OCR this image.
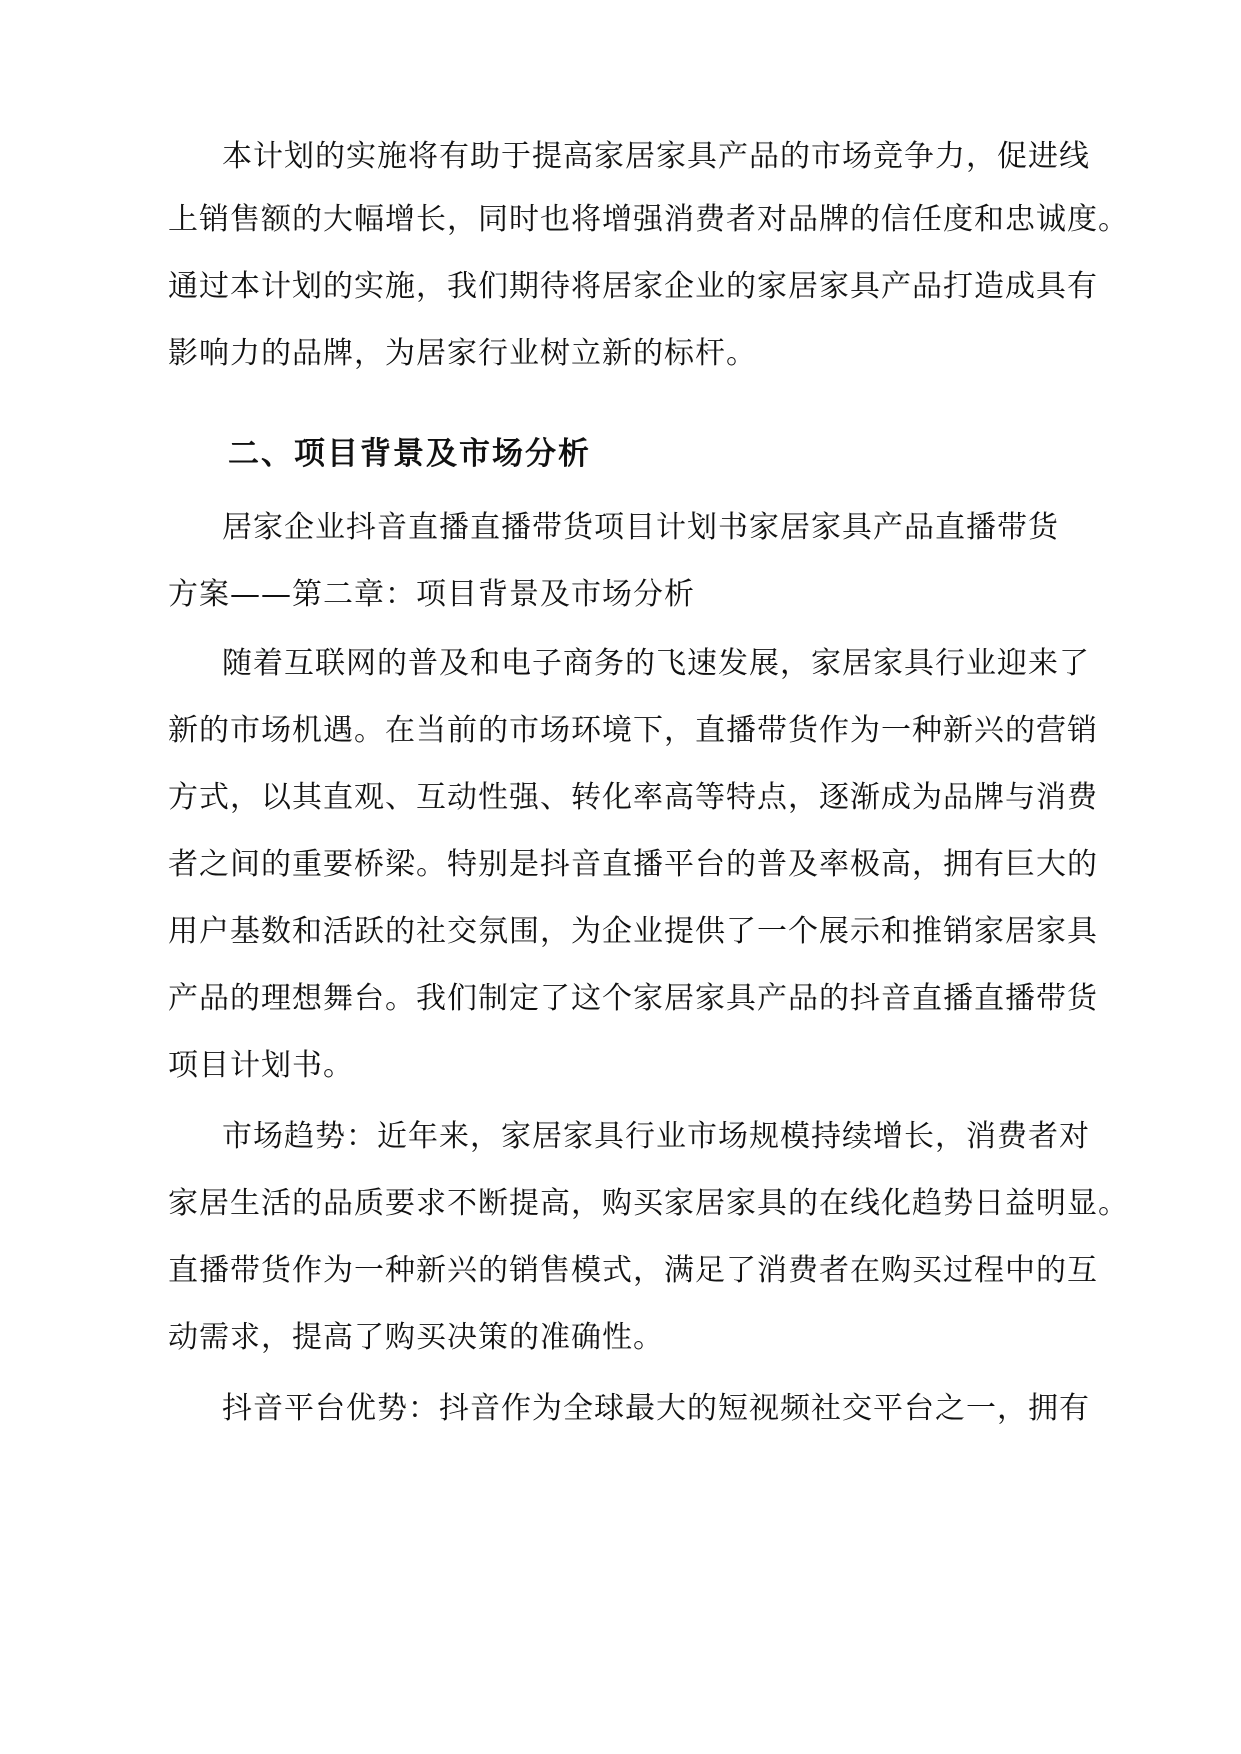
本计划的实施将有助于提高家居家具产品的市场竞争力，促进线
上销售额的大幅增长，同时也将增强消费者对品牌的信任度和忠诚度。
通过本计划的实施，我们期待将居家企业的家居家具产品打造成具有
影响力的品牌，为居家行业树立新的标杆。
二、项目背景及市场分析
居家企业抖音直播直播带货项目计划书家居家具产品直播带货
方案——第二章：项目背景及市场分析
随着互联网的普及和电子商务的飞速发展，家居家具行业迎来了
新的市场机遇。在当前的市场环境下，直播带货作为一种新兴的营销
方式，以其直观、互动性强、转化率高等特点，逐渐成为品牌与消费
者之间的重要桥梁。特别是抖音直播平台的普及率极高，拥有巨大的
用户基数和活跃的社交氛围，为企业提供了一个展示和推销家居家具
产品的理想舞台。我们制定了这个家居家具产品的抖音直播直播带货
项目计划书。
市场趋势：近年来，家居家具行业市场规模持续增长，消费者对
家居生活的品质要求不断提高，购买家居家具的在线化趋势日益明显。
直播带货作为一种新兴的销售模式，满足了消费者在购买过程中的互
动需求，提高了购买决策的准确性。
抖音平台优势：抖音作为全球最大的短视频社交平台之一，拥有
